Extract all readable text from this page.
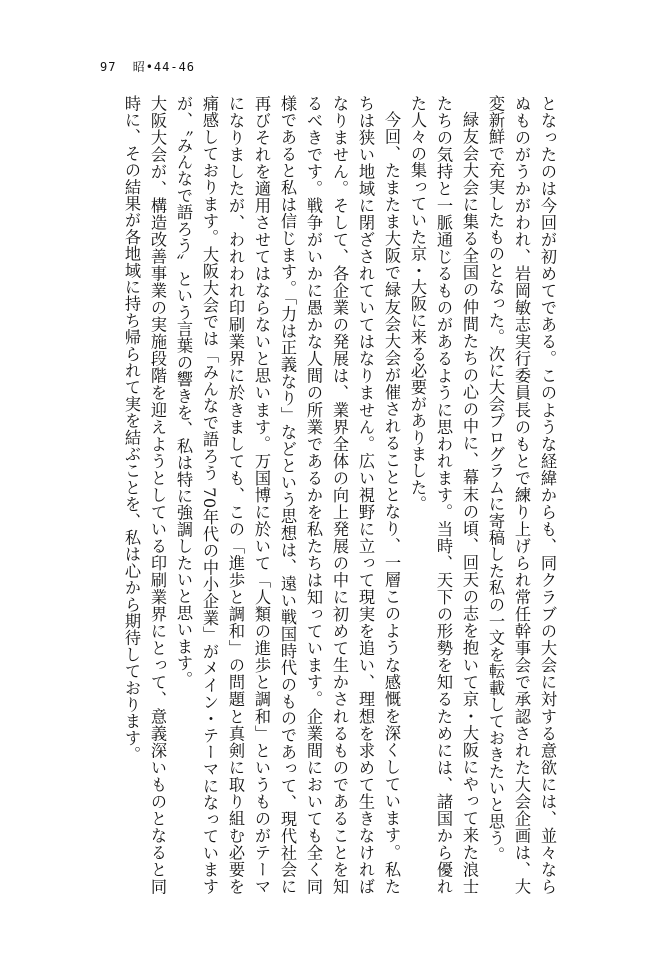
97 昭•44-46

となったのは今回が初めてである。このような経緯からも、同クラブの大会に対する意欲には、並々ならぬものがうかがわれ、岩岡敏志実行委員長のもとで練り上げられ常任幹事会で承認された大会企画は、大変新鮮で充実したものとなった。次に大会プログラムに寄稿した私の一文を転載しておきたいと思う。

緑友会大会に集る全国の仲間たちの心の中に、幕末の頃、回天の志を抱いて京・大阪にやって来た浪士たちの気持と一脈通じるものがあるように思われます。当時、天下の形勢を知るためには、諸国から優れた人々の集っていた京・大阪に来る必要がありました。

今回、たまたま大阪で緑友会大会が催されることとなり、一層このような感慨を深くしています。私たちは狭い地域に閉ざされていてはなりません。広い視野に立って現実を追い、理想を求めて生きなければなりません。そして、各企業の発展は、業界全体の向上発展の中に初めて生かされるものであることを知るべきです。戦争がいかに愚かな人間の所業であるかを私たちは知っています。企業間においても全く同様であると私は信じます。「力は正義なり」などという思想は、遠い戦国時代のものであって、現代社会に再びそれを適用させてはならないと思います。万国博に於いて「人類の進歩と調和」というものがテーマになりましたが、われわれ印刷業界に於きましても、この「進歩と調和」の問題と真剣に取り組む必要を痛感しております。大阪大会では「みんなで語ろう 70年代の中小企業」がメイン・テーマになっていますが、〝みんなで語ろう〟という言葉の響きを、私は特に強調したいと思います。

大阪大会が、構造改善事業の実施段階を迎えようとしている印刷業界にとって、意義深いものとなると同時に、その結果が各地域に持ち帰られて実を結ぶことを、私は心から期待しております。
